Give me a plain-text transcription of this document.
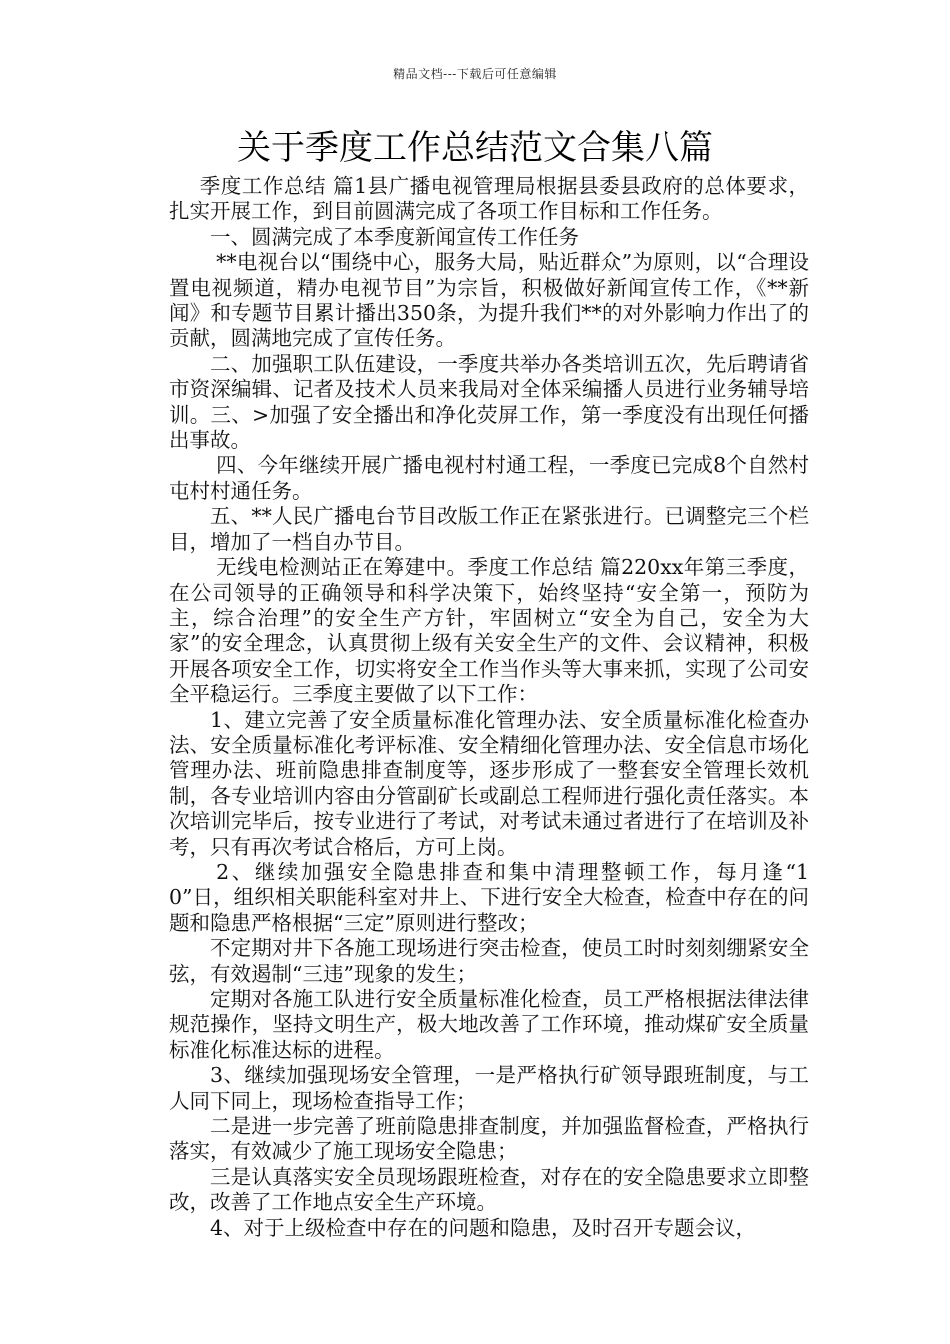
精品文档---下载后可任意编辑
关于季度工作总结范文合集八篇

季度工作总结 篇1县广播电视管理局根据县委县政府的总体要求，扎实开展工作，到目前圆满完成了各项工作目标和工作任务。

一、圆满完成了本季度新闻宣传工作任务

**电视台以“围绕中心，服务大局，贴近群众”为原则，以“合理设置电视频道，精办电视节目”为宗旨，积极做好新闻宣传工作，《**新闻》和专题节目累计播出350条，为提升我们**的对外影响力作出了的贡献，圆满地完成了宣传任务。

二、加强职工队伍建设，一季度共举办各类培训五次，先后聘请省市资深编辑、记者及技术人员来我局对全体采编播人员进行业务辅导培训。三、>加强了安全播出和净化荧屏工作，第一季度没有出现任何播出事故。

四、今年继续开展广播电视村村通工程，一季度已完成8个自然村屯村村通任务。

五、**人民广播电台节目改版工作正在紧张进行。已调整完三个栏目，增加了一档自办节目。

无线电检测站正在筹建中。季度工作总结 篇220xx年第三季度，在公司领导的正确领导和科学决策下，始终坚持“安全第一，预防为主，综合治理”的安全生产方针，牢固树立“安全为自己，安全为大家”的安全理念，认真贯彻上级有关安全生产的文件、会议精神，积极开展各项安全工作，切实将安全工作当作头等大事来抓，实现了公司安全平稳运行。三季度主要做了以下工作：

1、建立完善了安全质量标准化管理办法、安全质量标准化检查办法、安全质量标准化考评标准、安全精细化管理办法、安全信息市场化管理办法、班前隐患排查制度等，逐步形成了一整套安全管理长效机制，各专业培训内容由分管副矿长或副总工程师进行强化责任落实。本次培训完毕后，按专业进行了考试，对考试未通过者进行了在培训及补考，只有再次考试合格后，方可上岗。

2、继续加强安全隐患排查和集中清理整顿工作，每月逢“10”日，组织相关职能科室对井上、下进行安全大检查，检查中存在的问题和隐患严格根据“三定”原则进行整改；

不定期对井下各施工现场进行突击检查，使员工时时刻刻绷紧安全弦，有效遏制“三违”现象的发生；

定期对各施工队进行安全质量标准化检查，员工严格根据法律法律规范操作，坚持文明生产，极大地改善了工作环境，推动煤矿安全质量标准化标准达标的进程。

3、继续加强现场安全管理，一是严格执行矿领导跟班制度，与工人同下同上，现场检查指导工作；

二是进一步完善了班前隐患排查制度，并加强监督检查，严格执行落实，有效减少了施工现场安全隐患；

三是认真落实安全员现场跟班检查，对存在的安全隐患要求立即整改，改善了工作地点安全生产环境。

4、对于上级检查中存在的问题和隐患，及时召开专题会议，
